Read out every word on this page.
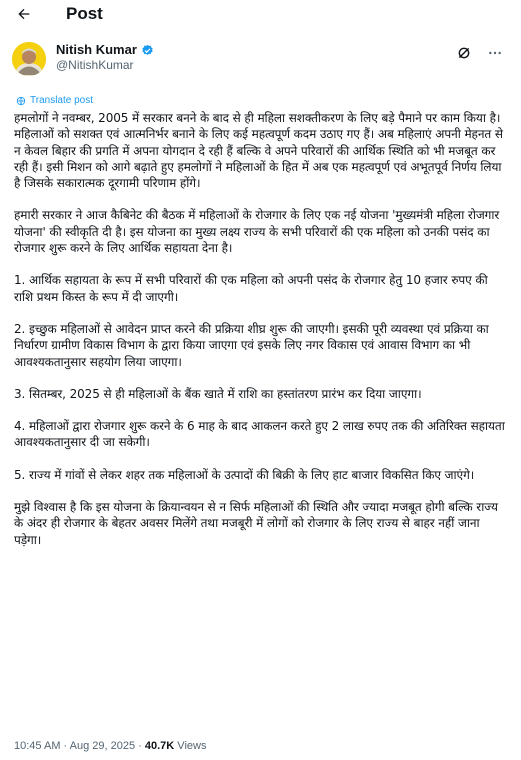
Post
Nitish Kumar
@NitishKumar
Translate post

हमलोगों ने नवम्बर, 2005 में सरकार बनने के बाद से ही महिला सशक्तीकरण के लिए बड़े पैमाने पर काम किया है। महिलाओं को सशक्त एवं आत्मनिर्भर बनाने के लिए कई महत्वपूर्ण कदम उठाए गए हैं। अब महिलाएं अपनी मेहनत से न केवल बिहार की प्रगति में अपना योगदान दे रही हैं बल्कि वे अपने परिवारों की आर्थिक स्थिति को भी मजबूत कर रही हैं। इसी मिशन को आगे बढ़ाते हुए हमलोगों ने महिलाओं के हित में अब एक महत्वपूर्ण एवं अभूतपूर्व निर्णय लिया है जिसके सकारात्मक दूरगामी परिणाम होंगे।

हमारी सरकार ने आज कैबिनेट की बैठक में महिलाओं के रोजगार के लिए एक नई योजना 'मुख्यमंत्री महिला रोजगार योजना' की स्वीकृति दी है। इस योजना का मुख्य लक्ष्य राज्य के सभी परिवारों की एक महिला को उनकी पसंद का रोजगार शुरू करने के लिए आर्थिक सहायता देना है।

1. आर्थिक सहायता के रूप में सभी परिवारों की एक महिला को अपनी पसंद के रोजगार हेतु 10 हजार रुपए की राशि प्रथम किस्त के रूप में दी जाएगी।

2. इच्छुक महिलाओं से आवेदन प्राप्त करने की प्रक्रिया शीघ्र शुरू की जाएगी। इसकी पूरी व्यवस्था एवं प्रक्रिया का निर्धारण ग्रामीण विकास विभाग के द्वारा किया जाएगा एवं इसके लिए नगर विकास एवं आवास विभाग का भी आवश्यकतानुसार सहयोग लिया जाएगा।

3. सितम्बर, 2025 से ही महिलाओं के बैंक खाते में राशि का हस्तांतरण प्रारंभ कर दिया जाएगा।

4. महिलाओं द्वारा रोजगार शुरू करने के 6 माह के बाद आकलन करते हुए 2 लाख रुपए तक की अतिरिक्त सहायता आवश्यकतानुसार दी जा सकेगी।

5. राज्य में गांवों से लेकर शहर तक महिलाओं के उत्पादों की बिक्री के लिए हाट बाजार विकसित किए जाएंगे।

मुझे विश्वास है कि इस योजना के क्रियान्वयन से न सिर्फ महिलाओं की स्थिति और ज्यादा मजबूत होगी बल्कि राज्य के अंदर ही रोजगार के बेहतर अवसर मिलेंगे तथा मजबूरी में लोगों को रोजगार के लिए राज्य से बाहर नहीं जाना पड़ेगा।

10:45 AM · Aug 29, 2025 · 40.7K Views
